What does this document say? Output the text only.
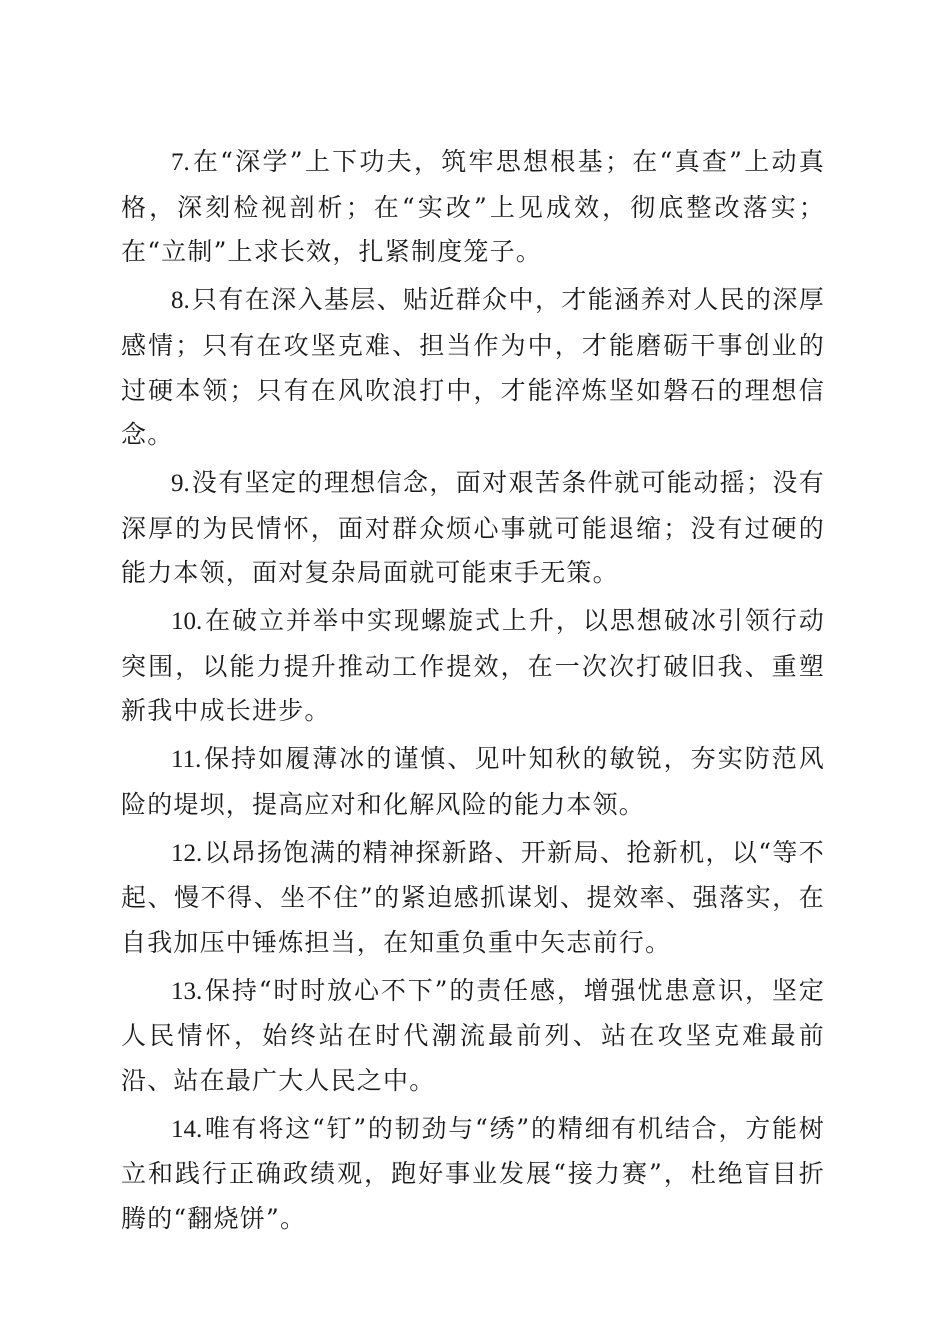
7.在“深学”上下功夫，筑牢思想根基；在“真查”上动真格，深刻检视剖析；在“实改”上见成效，彻底整改落实；在“立制”上求长效，扎紧制度笼子。

8.只有在深入基层、贴近群众中，才能涵养对人民的深厚感情；只有在攻坚克难、担当作为中，才能磨砺干事创业的过硬本领；只有在风吹浪打中，才能淬炼坚如磐石的理想信念。

9.没有坚定的理想信念，面对艰苦条件就可能动摇；没有深厚的为民情怀，面对群众烦心事就可能退缩；没有过硬的能力本领，面对复杂局面就可能束手无策。

10.在破立并举中实现螺旋式上升，以思想破冰引领行动突围，以能力提升推动工作提效，在一次次打破旧我、重塑新我中成长进步。

11.保持如履薄冰的谨慎、见叶知秋的敏锐，夯实防范风险的堤坝，提高应对和化解风险的能力本领。

12.以昂扬饱满的精神探新路、开新局、抢新机，以“等不起、慢不得、坐不住”的紧迫感抓谋划、提效率、强落实，在自我加压中锤炼担当，在知重负重中矢志前行。

13.保持“时时放心不下”的责任感，增强忧患意识，坚定人民情怀，始终站在时代潮流最前列、站在攻坚克难最前沿、站在最广大人民之中。

14.唯有将这“钉”的韧劲与“绣”的精细有机结合，方能树立和践行正确政绩观，跑好事业发展“接力赛”，杜绝盲目折腾的“翻烧饼”。
